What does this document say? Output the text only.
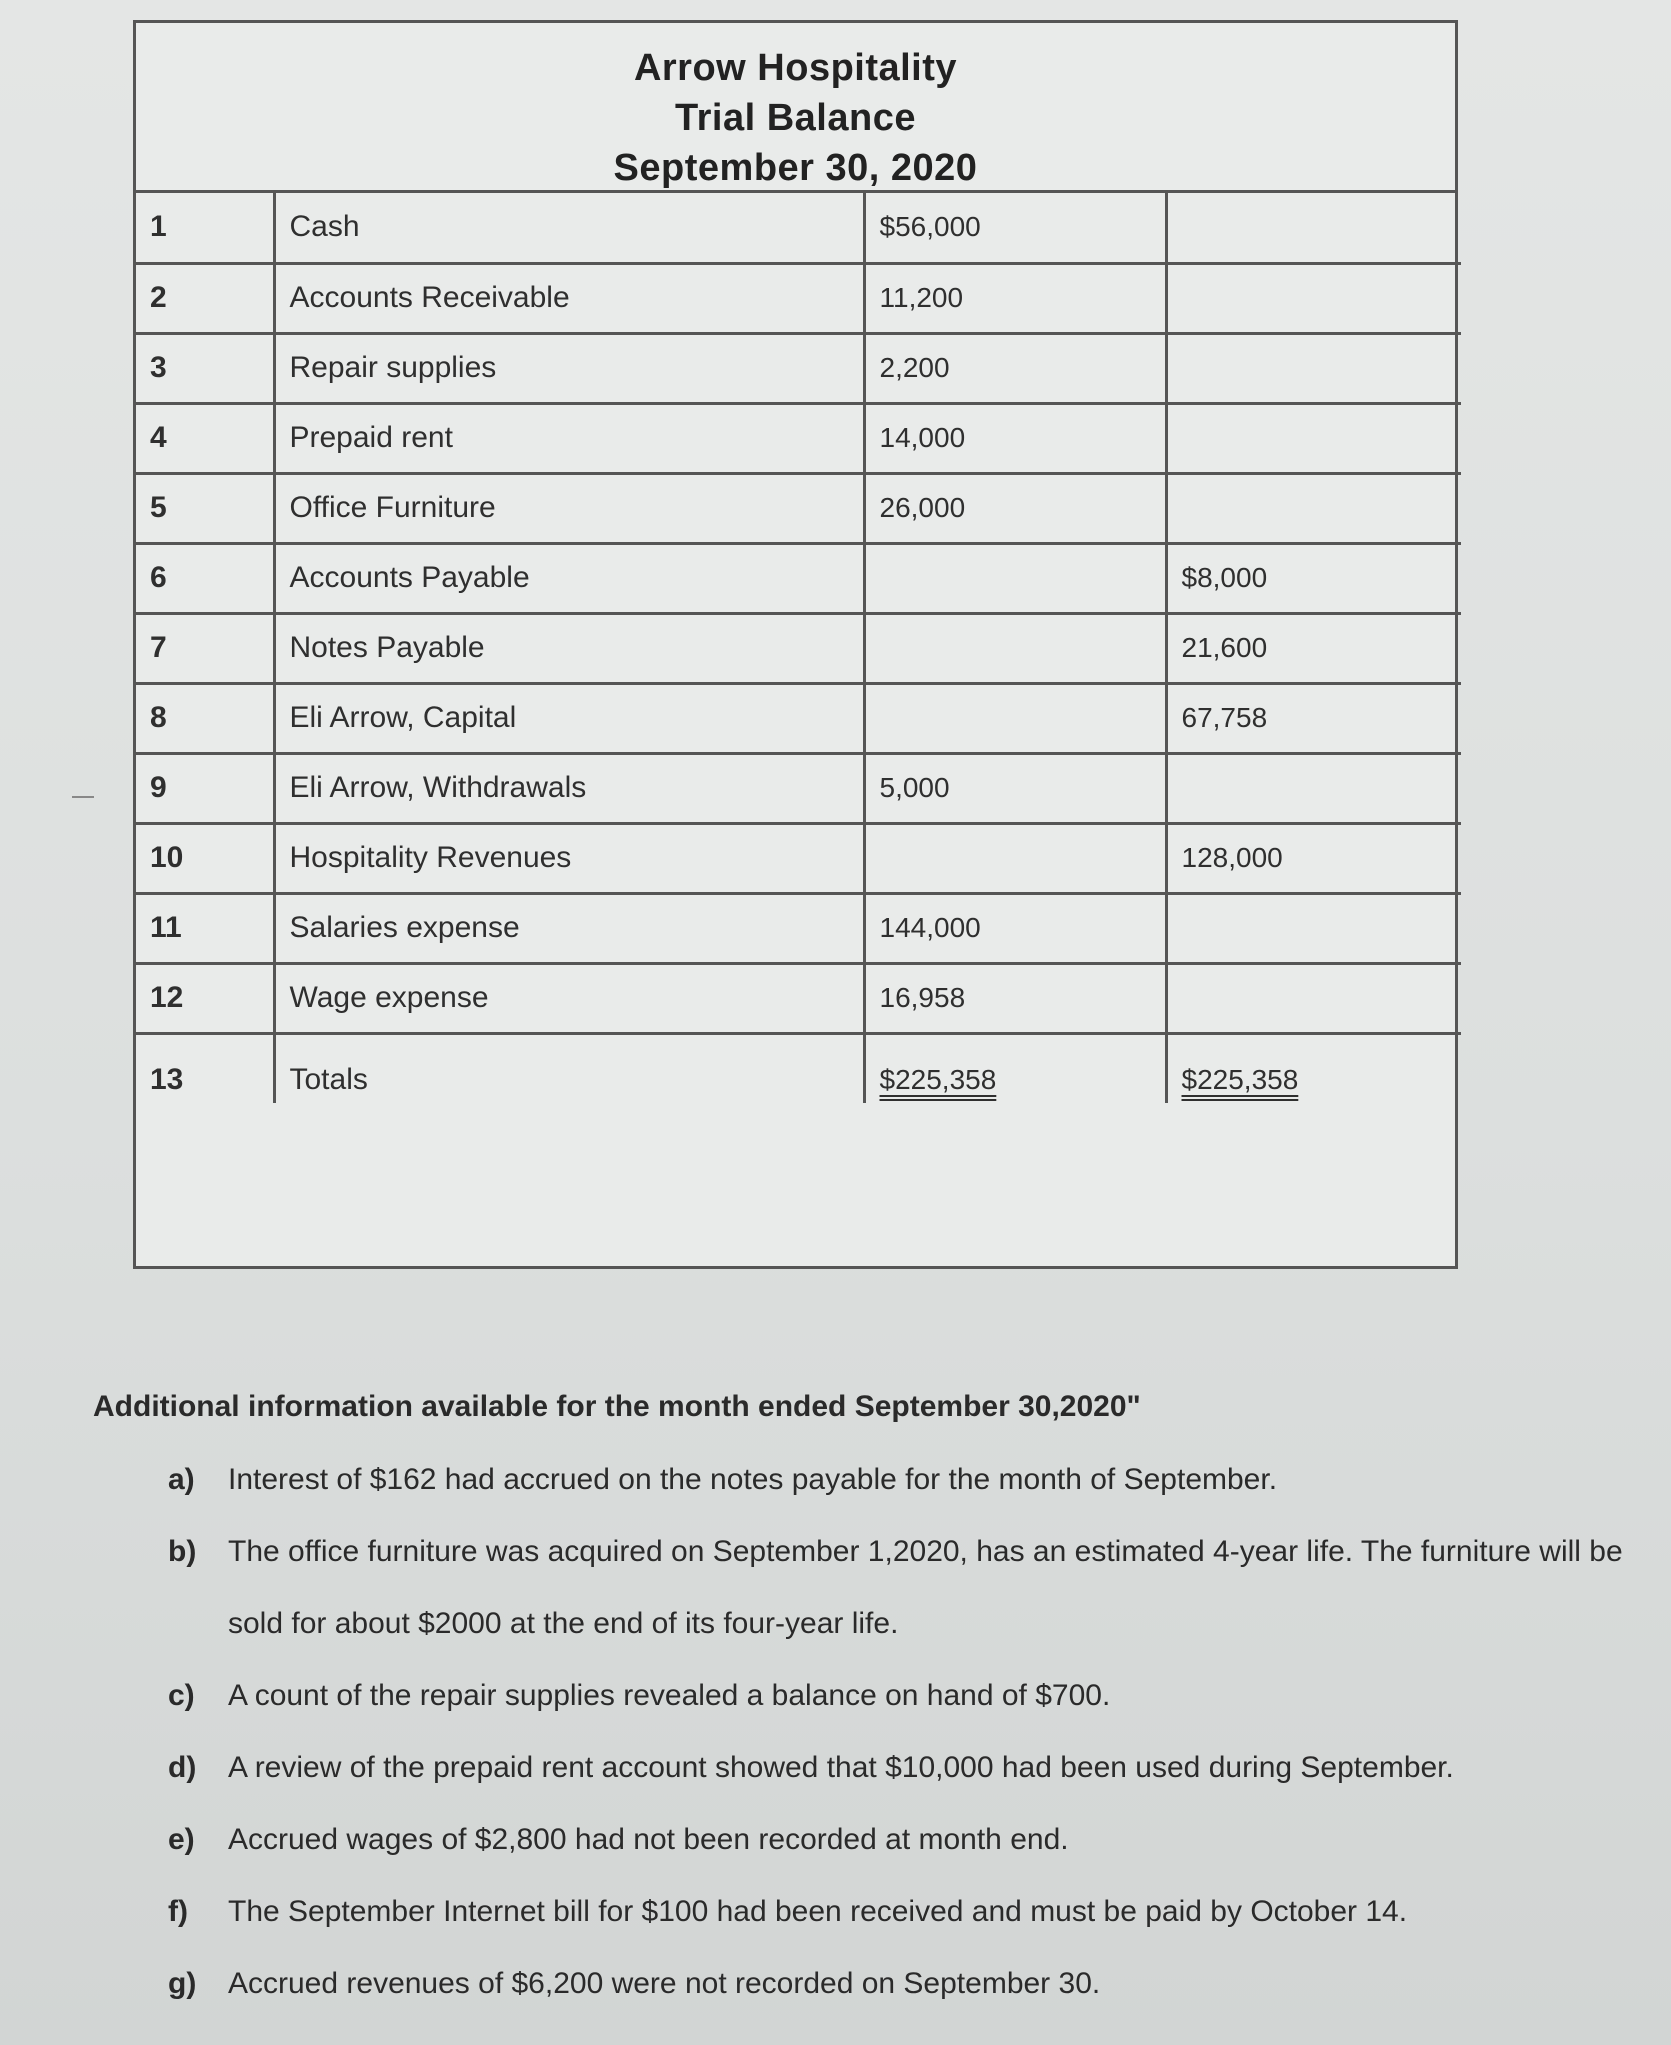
Arrow Hospitality
Trial Balance
September 30, 2020
1	Cash	$56,000	
2	Accounts Receivable	11,200	
3	Repair supplies	2,200	
4	Prepaid rent	14,000	
5	Office Furniture	26,000	
6	Accounts Payable		$8,000
7	Notes Payable		21,600
8	Eli Arrow, Capital		67,758
9	Eli Arrow, Withdrawals	5,000	
10	Hospitality Revenues		128,000
11	Salaries expense	144,000	
12	Wage expense	16,958	
13	Totals	$225,358	$225,358
Additional information available for the month ended September 30,2020"
a) Interest of $162 had accrued on the notes payable for the month of September.
b) The office furniture was acquired on September 1,2020, has an estimated 4-year life. The furniture will be sold for about $2000 at the end of its four-year life.
c) A count of the repair supplies revealed a balance on hand of $700.
d) A review of the prepaid rent account showed that $10,000 had been used during September.
e) Accrued wages of $2,800 had not been recorded at month end.
f) The September Internet bill for $100 had been received and must be paid by October 14.
g) Accrued revenues of $6,200 were not recorded on September 30.
